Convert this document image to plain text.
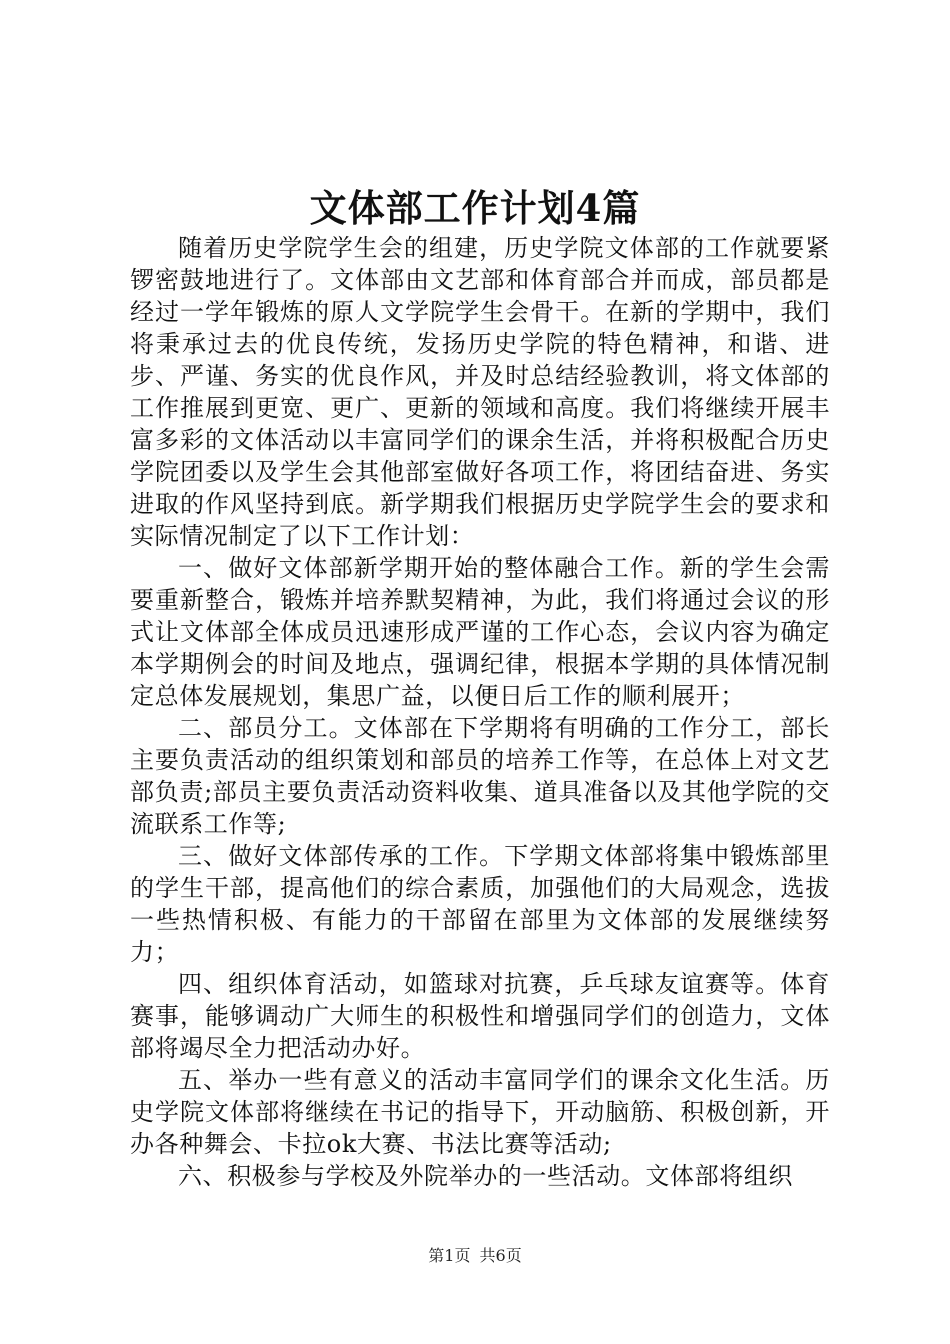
文体部工作计划4篇

随着历史学院学生会的组建，历史学院文体部的工作就要紧锣密鼓地进行了。文体部由文艺部和体育部合并而成，部员都是经过一学年锻炼的原人文学院学生会骨干。在新的学期中，我们将秉承过去的优良传统，发扬历史学院的特色精神，和谐、进步、严谨、务实的优良作风，并及时总结经验教训，将文体部的工作推展到更宽、更广、更新的领域和高度。我们将继续开展丰富多彩的文体活动以丰富同学们的课余生活，并将积极配合历史学院团委以及学生会其他部室做好各项工作，将团结奋进、务实进取的作风坚持到底。新学期我们根据历史学院学生会的要求和实际情况制定了以下工作计划：

一、做好文体部新学期开始的整体融合工作。新的学生会需要重新整合，锻炼并培养默契精神，为此，我们将通过会议的形式让文体部全体成员迅速形成严谨的工作心态，会议内容为确定本学期例会的时间及地点，强调纪律，根据本学期的具体情况制定总体发展规划，集思广益，以便日后工作的顺利展开；

二、部员分工。文体部在下学期将有明确的工作分工，部长主要负责活动的组织策划和部员的培养工作等，在总体上对文艺部负责;部员主要负责活动资料收集、道具准备以及其他学院的交流联系工作等;

三、做好文体部传承的工作。下学期文体部将集中锻炼部里的学生干部，提高他们的综合素质，加强他们的大局观念，选拔一些热情积极、有能力的干部留在部里为文体部的发展继续努力；

四、组织体育活动，如篮球对抗赛，乒乓球友谊赛等。体育赛事，能够调动广大师生的积极性和增强同学们的创造力，文体部将竭尽全力把活动办好。

五、举办一些有意义的活动丰富同学们的课余文化生活。历史学院文体部将继续在书记的指导下，开动脑筋、积极创新，开办各种舞会、卡拉ok大赛、书法比赛等活动;

六、积极参与学校及外院举办的一些活动。文体部将组织

第1页 共6页
